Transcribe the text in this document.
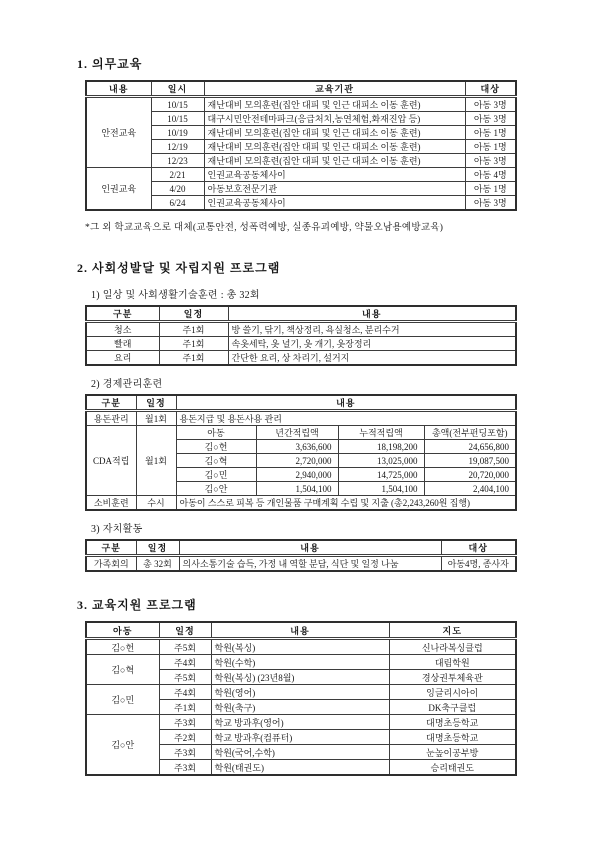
1. 의무교육

내용	일시	교육기관	대상
안전교육	10/15	재난대비 모의훈련(집안 대피 및 인근 대피소 이동 훈련)	아동 3명
	10/15	대구시민안전테마파크(응급처치,농연체험,화재진압 등)	아동 3명
	10/19	재난대비 모의훈련(집안 대피 및 인근 대피소 이동 훈련)	아동 1명
	12/19	재난대비 모의훈련(집안 대피 및 인근 대피소 이동 훈련)	아동 1명
	12/23	재난대비 모의훈련(집안 대피 및 인근 대피소 이동 훈련)	아동 3명
인권교육	2/21	인권교육공동체사이	아동 4명
	4/20	아동보호전문기관	아동 1명
	6/24	인권교육공동체사이	아동 3명

*그 외 학교교육으로 대체(교통안전, 성폭력예방, 실종유괴예방, 약물오남용예방교육)

2. 사회성발달 및 자립지원 프로그램

1) 일상 및 사회생활기술훈련 : 총 32회

구분	일정	내용
청소	주1회	방 쓸기, 닦기, 책상정리, 욕실청소, 분리수거
빨래	주1회	속옷세탁, 옷 널기, 옷 개기, 옷장정리
요리	주1회	간단한 요리, 상 차리기, 설거지

2) 경제관리훈련

구분	일정	내용			
용돈관리	월1회	용돈지급 및 용돈사용 관리			
CDA적립	월1회	아동	년간적립액	누적적립액	총액(전부펀딩포함)
		김○헌	3,636,600	18,198,200	24,656,800
		김○혁	2,720,000	13,025,000	19,087,500
		김○민	2,940,000	14,725,000	20,720,000
		김○안	1,504,100	1,504,100	2,404,100
소비훈련	수시	아동이 스스로 피복 등 개인물품 구매계획 수립 및 지출 (총2,243,260원 집행)			

3) 자치활동

구분	일정	내용	대상
가족회의	총 32회	의사소통기술 습득, 가정 내 역할 분담, 식단 및 일정 나눔	아동4명, 종사자

3. 교육지원 프로그램

아동	일정	내용	지도
김○헌	주5회	학원(복싱)	신나라복싱클럽
김○혁	주4회	학원(수학)	대림학원
	주5회	학원(복싱) (23년8월)	경상권투체육관
김○민	주4회	학원(영어)	잉글리시아이
	주1회	학원(축구)	DK축구클럽
김○안	주3회	학교 방과후(영어)	대명초등학교
	주2회	학교 방과후(컴퓨터)	대명초등학교
	주3회	학원(국어,수학)	눈높이공부방
	주3회	학원(태권도)	승리태권도
